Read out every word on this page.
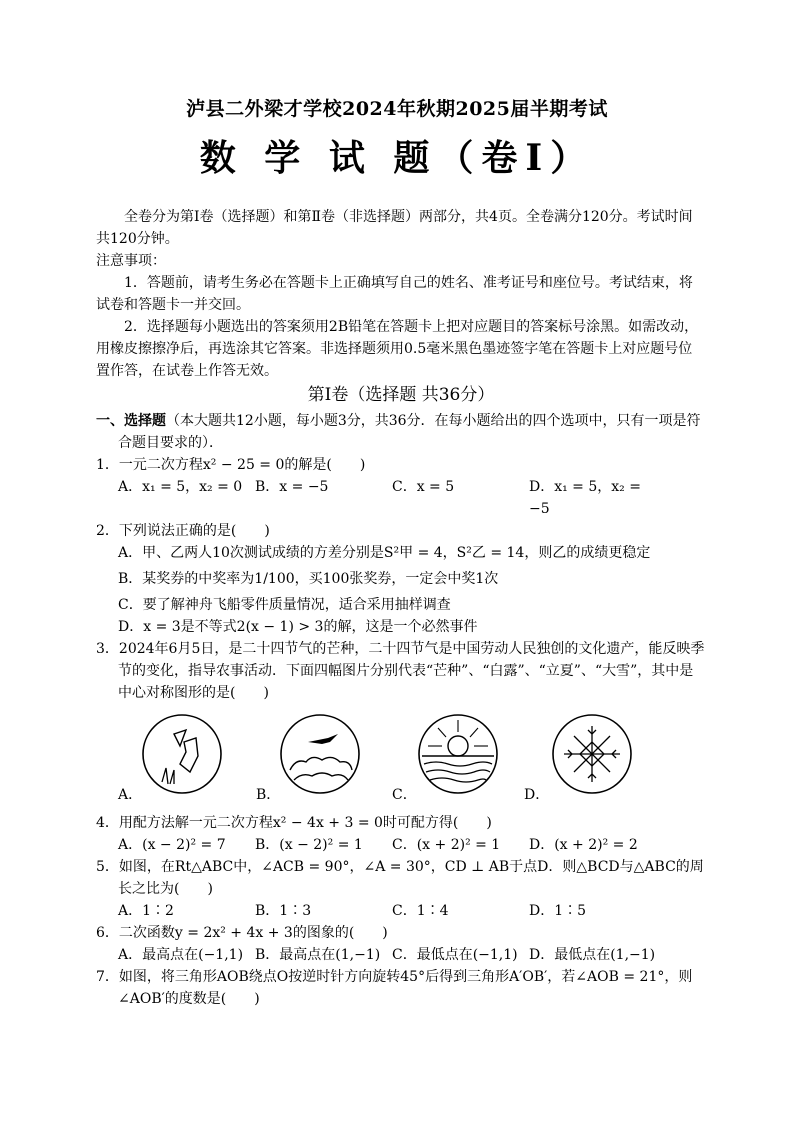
泸县二外梁才学校2024年秋期2025届半期考试
数 学 试 题（卷Ⅰ）

全卷分为第Ⅰ卷（选择题）和第Ⅱ卷（非选择题）两部分，共4页。全卷满分120分。考试时间共120分钟。

注意事项：

1．答题前，请考生务必在答题卡上正确填写自己的姓名、准考证号和座位号。考试结束，将试卷和答题卡一并交回。

2．选择题每小题选出的答案须用2B铅笔在答题卡上把对应题目的答案标号涂黑。如需改动，用橡皮擦擦净后，再选涂其它答案。非选择题须用0.5毫米黑色墨迹签字笔在答题卡上对应题号位置作答，在试卷上作答无效。

第Ⅰ卷（选择题 共36分）

一、选择题（本大题共12小题，每小题3分，共36分．在每小题给出的四个选项中，只有一项是符合题目要求的）．

1．一元二次方程x² − 25 = 0的解是(　　)

A．x₁ = 5，x₂ = 0 B．x = −5	C．x = 5	D．x₁ = 5，x₂ = −5

2．下列说法正确的是(　　)

A．甲、乙两人10次测试成绩的方差分别是S²甲 = 4，S²乙 = 14，则乙的成绩更稳定

B．某奖券的中奖率为1/100，买100张奖券，一定会中奖1次

C．要了解神舟飞船零件质量情况，适合采用抽样调查

D．x = 3是不等式2(x − 1) > 3的解，这是一个必然事件

3．2024年6月5日，是二十四节气的芒种，二十四节气是中国劳动人民独创的文化遗产，能反映季节的变化，指导农事活动．下面四幅图片分别代表“芒种”、“白露”、“立夏”、“大雪”，其中是中心对称图形的是(　　)

A．	B．	C．	D．

4．用配方法解一元二次方程x² − 4x + 3 = 0时可配方得(　　)

A．(x − 2)² = 7	B．(x − 2)² = 1	C．(x + 2)² = 1	D．(x + 2)² = 2

5．如图，在Rt△ABC中，∠ACB = 90°，∠A = 30°，CD ⊥ AB于点D．则△BCD与△ABC的周长之比为(　　)

A．1∶2	B．1∶3	C．1∶4	D．1∶5

6．二次函数y = 2x² + 4x + 3的图象的(　　)

A．最高点在(−1,1) B．最高点在(1,−1) C．最低点在(−1,1) D．最低点在(1,−1)

7．如图，将三角形AOB绕点O按逆时针方向旋转45°后得到三角形A′OB′，若∠AOB = 21°，则∠AOB′的度数是(　　)
